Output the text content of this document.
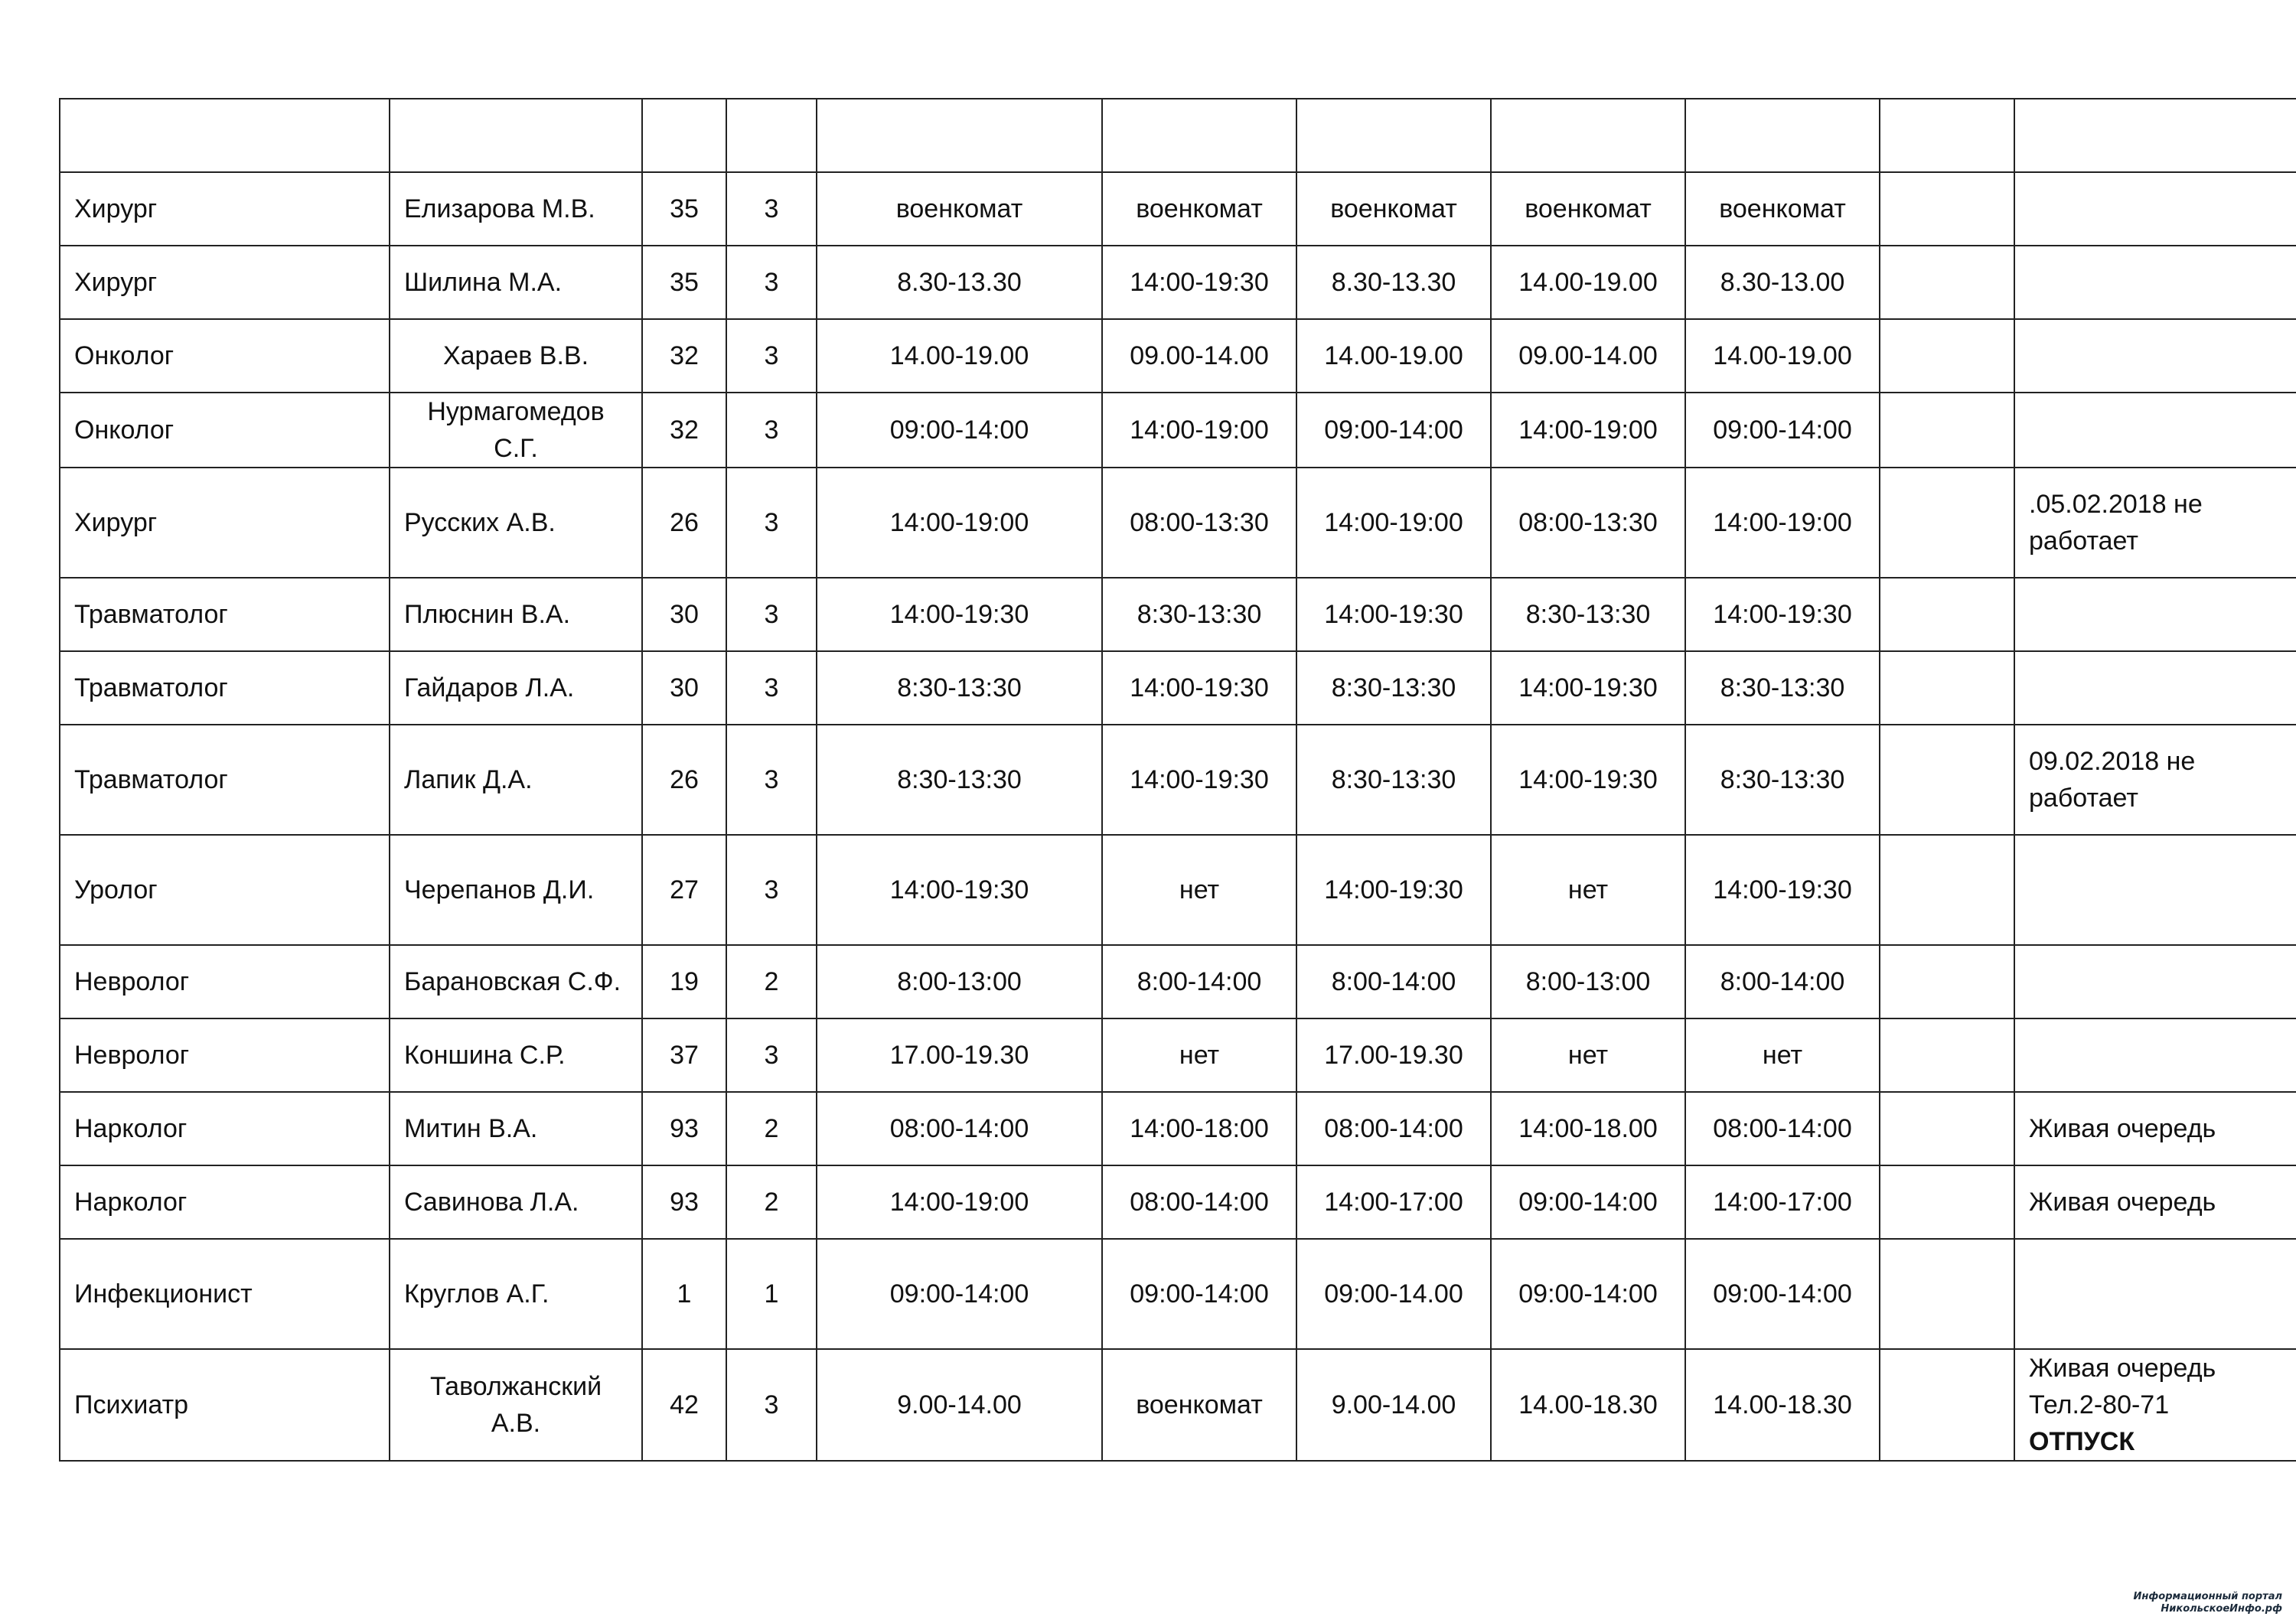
Хирург	Елизарова М.В.	35	3	военкомат	военкомат	военкомат	военкомат	военкомат		
Хирург	Шилина М.А.	35	3	8.30-13.30	14:00-19:30	8.30-13.30	14.00-19.00	8.30-13.00		
Онколог	Хараев В.В.	32	3	14.00-19.00	09.00-14.00	14.00-19.00	09.00-14.00	14.00-19.00		
Онколог	Нурмагомедов С.Г.	32	3	09:00-14:00	14:00-19:00	09:00-14:00	14:00-19:00	09:00-14:00		
Хирург	Русских А.В.	26	3	14:00-19:00	08:00-13:30	14:00-19:00	08:00-13:30	14:00-19:00		.05.02.2018 не работает
Травматолог	Плюснин В.А.	30	3	14:00-19:30	8:30-13:30	14:00-19:30	8:30-13:30	14:00-19:30		
Травматолог	Гайдаров Л.А.	30	3	8:30-13:30	14:00-19:30	8:30-13:30	14:00-19:30	8:30-13:30		
Травматолог	Лапик Д.А.	26	3	8:30-13:30	14:00-19:30	8:30-13:30	14:00-19:30	8:30-13:30		09.02.2018 не работает
Уролог	Черепанов Д.И.	27	3	14:00-19:30	нет	14:00-19:30	нет	14:00-19:30		
Невролог	Барановская С.Ф.	19	2	8:00-13:00	8:00-14:00	8:00-14:00	8:00-13:00	8:00-14:00		
Невролог	Коншина С.Р.	37	3	17.00-19.30	нет	17.00-19.30	нет	нет		
Нарколог	Митин В.А.	93	2	08:00-14:00	14:00-18:00	08:00-14:00	14:00-18.00	08:00-14:00		Живая очередь
Нарколог	Савинова Л.А.	93	2	14:00-19:00	08:00-14:00	14:00-17:00	09:00-14:00	14:00-17:00		Живая очередь
Инфекционист	Круглов А.Г.	1	1	09:00-14:00	09:00-14:00	09:00-14.00	09:00-14:00	09:00-14:00		
Психиатр	Таволжанский А.В.	42	3	9.00-14.00	военкомат	9.00-14.00	14.00-18.30	14.00-18.30		Живая очередь
Тел.2-80-71
ОТПУСК
Информационный портал
НикольскоеИнфо.рф
